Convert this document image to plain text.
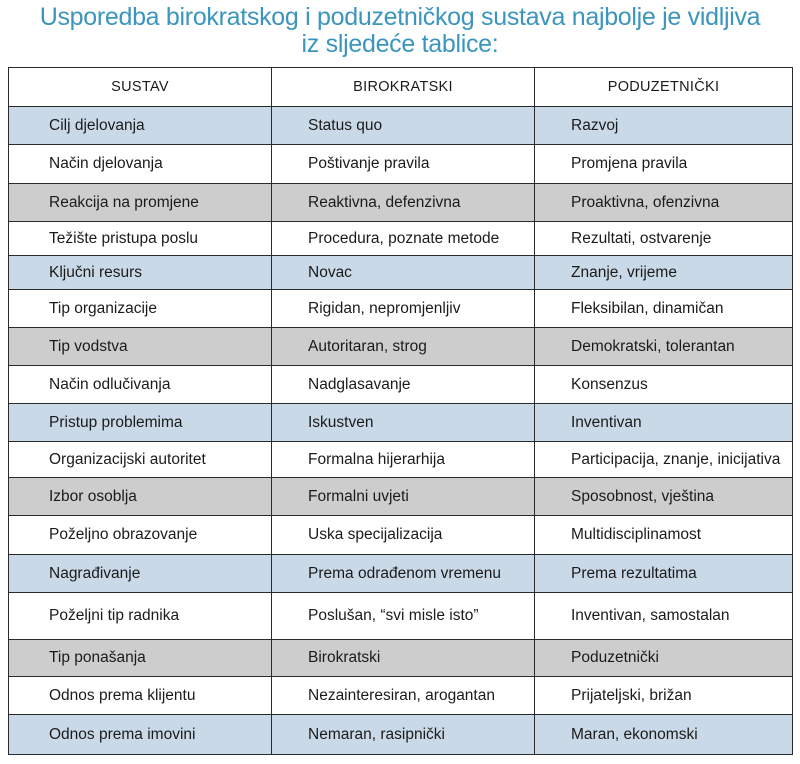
Usporedba birokratskog i poduzetničkog sustava najbolje je vidljiva
iz sljedeće tablice:
SUSTAV	BIROKRATSKI	PODUZETNIČKI
Cilj djelovanja	Status quo	Razvoj
Način djelovanja	Poštivanje pravila	Promjena pravila
Reakcija na promjene	Reaktivna, defenzivna	Proaktivna, ofenzivna
Težište pristupa poslu	Procedura, poznate metode	Rezultati, ostvarenje
Ključni resurs	Novac	Znanje, vrijeme
Tip organizacije	Rigidan, nepromjenljiv	Fleksibilan, dinamičan
Tip vodstva	Autoritaran, strog	Demokratski, tolerantan
Način odlučivanja	Nadglasavanje	Konsenzus
Pristup problemima	Iskustven	Inventivan
Organizacijski autoritet	Formalna hijerarhija	Participacija, znanje, inicijativa
Izbor osoblja	Formalni uvjeti	Sposobnost, vještina
Poželjno obrazovanje	Uska specijalizacija	Multidisciplinamost
Nagrađivanje	Prema odrađenom vremenu	Prema rezultatima
Poželjni tip radnika	Poslušan, “svi misle isto”	Inventivan, samostalan
Tip ponašanja	Birokratski	Poduzetnički
Odnos prema klijentu	Nezainteresiran, arogantan	Prijateljski, brižan
Odnos prema imovini	Nemaran, rasipnički	Maran, ekonomski
